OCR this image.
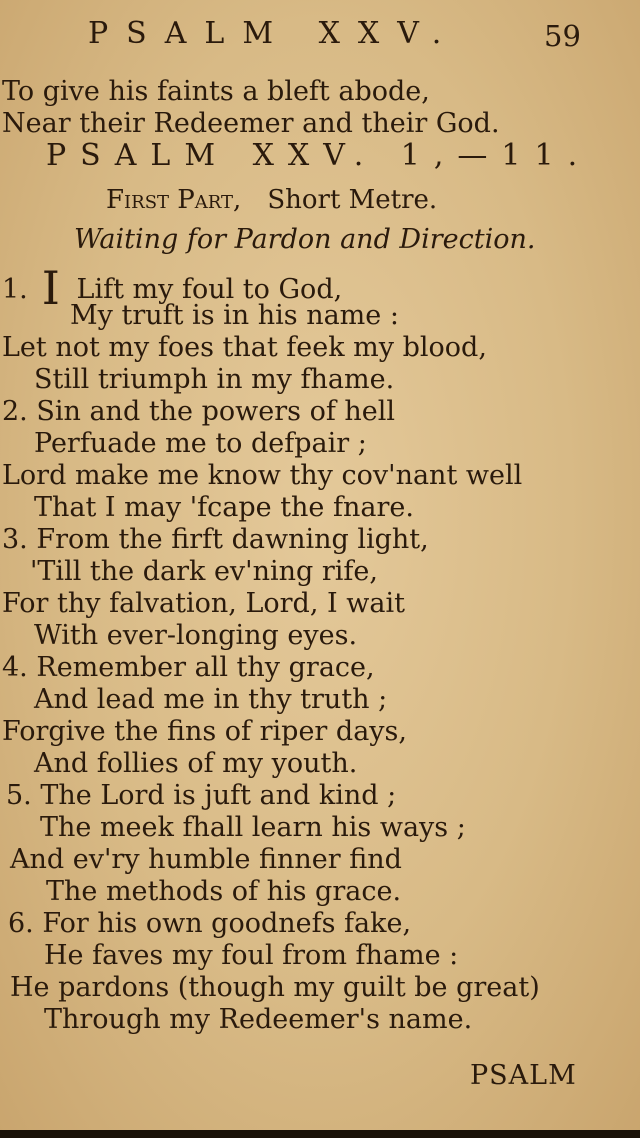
PSALM XXV.	59
To give his faints a bleft abode,
Near their Redeemer and their God.
PSALM XXV. 1,—11.
First Part, Short Metre.
Waiting for Pardon and Direction.
1. I Lift my foul to God,
My truft is in his name :
Let not my foes that feek my blood,
Still triumph in my fhame.
2. Sin and the powers of hell
Perfuade me to defpair ;
Lord make me know thy cov'nant well
That I may 'fcape the fnare.
3. From the firft dawning light,
'Till the dark ev'ning rife,
For thy falvation, Lord, I wait
With ever-longing eyes.
4. Remember all thy grace,
And lead me in thy truth ;
Forgive the fins of riper days,
And follies of my youth.
5. The Lord is juft and kind ;
The meek fhall learn his ways ;
And ev'ry humble finner find
The methods of his grace.
6. For his own goodnefs fake,
He faves my foul from fhame :
He pardons (though my guilt be great)
Through my Redeemer's name.
PSALM
